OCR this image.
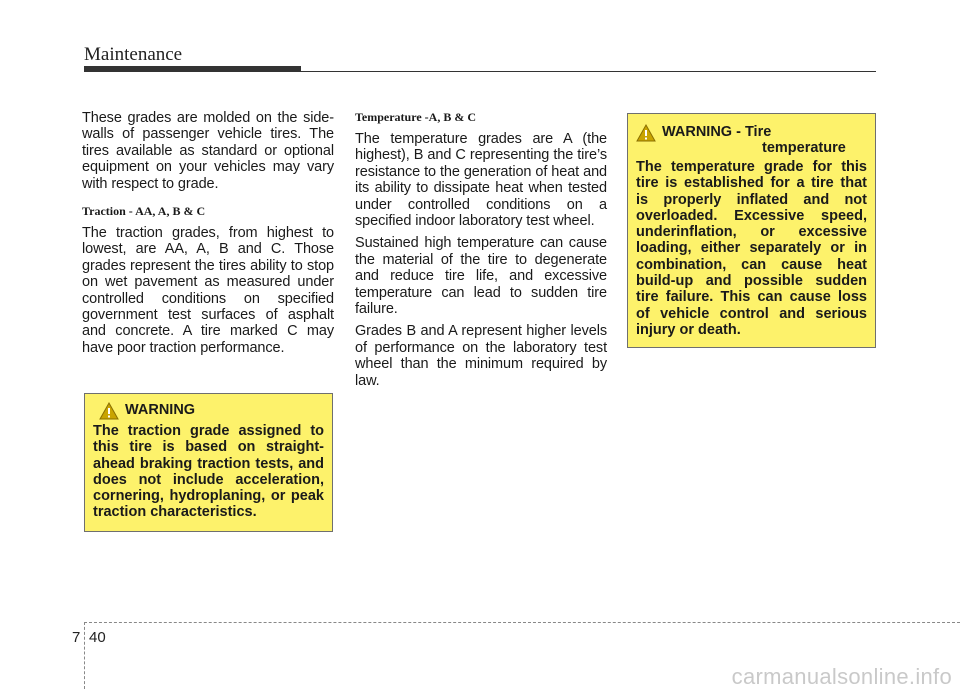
Maintenance

These grades are molded on the side-walls of passenger vehicle tires. The tires available as standard or optional equipment on your vehicles may vary with respect to grade.

Traction - AA, A, B & C

The traction grades, from highest to lowest, are AA, A, B and C. Those grades represent the tires ability to stop on wet pavement as measured under controlled conditions on specified government test surfaces of asphalt and concrete. A tire marked C may have poor traction performance.

Temperature -A, B & C

The temperature grades are A (the highest), B and C representing the tire’s resistance to the generation of heat and its ability to dissipate heat when tested under controlled conditions on a specified indoor laboratory test wheel.

Sustained high temperature can cause the material of the tire to degenerate and reduce tire life, and excessive temperature can lead to sudden tire failure.

Grades B and A represent higher levels of performance on the laboratory test wheel than the minimum required by law.

WARNING

The traction grade assigned to this tire is based on straight-ahead braking traction tests, and does not include acceleration, cornering, hydroplaning, or peak traction characteristics.

WARNING - Tire
temperature

The temperature grade for this tire is established for a tire that is properly inflated and not overloaded. Excessive speed, underinflation, or excessive loading, either separately or in combination, can cause heat build-up and possible sudden tire failure. This can cause loss of vehicle control and serious injury or death.

7 40
carmanualsonline.info
